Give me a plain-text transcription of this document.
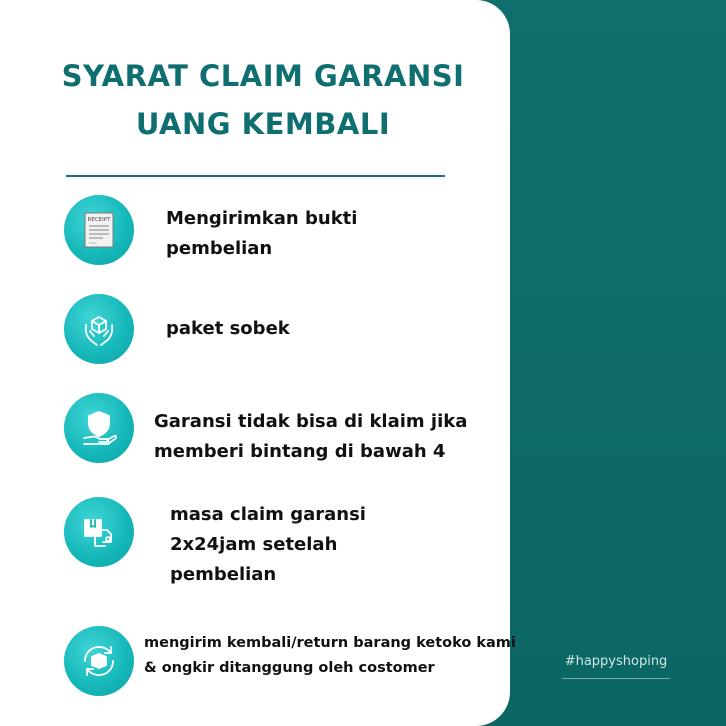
SYARAT CLAIM GARANSI
UANG KEMBALI
RECEIPT	Mengirimkan bukti
pembelian
paket sobek
Garansi tidak bisa di klaim jika
memberi bintang di bawah 4
masa claim garansi
2x24jam setelah
pembelian
mengirim kembali/return barang ketoko kami
& ongkir ditanggung oleh costomer	#happyshoping
